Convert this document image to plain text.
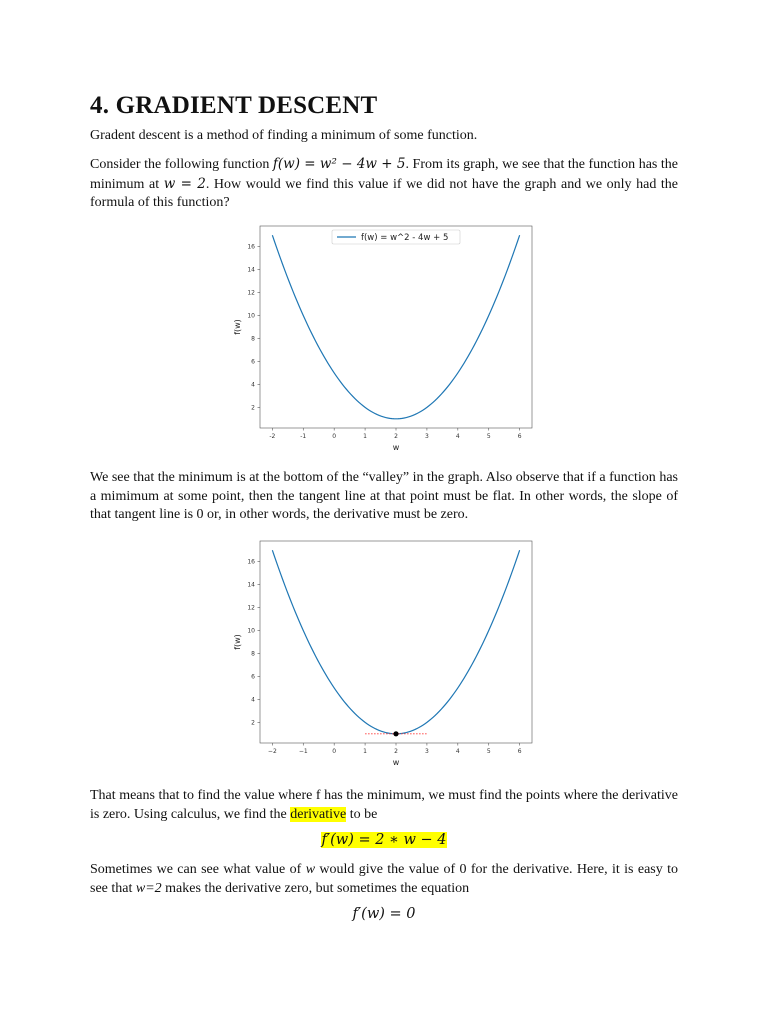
4. GRADIENT DESCENT

Gradent descent is a method of finding a minimum of some function.

Consider the following function f(w) = w² − 4w + 5. From its graph, we see that the function has the minimum at w = 2. How would we find this value if we did not have the graph and we only had the formula of this function?

-2	-1	0	1	2	3	4	5	6
2
4
6
8
10
12
14
16
w
f(w)
f(w) = w^2 - 4w + 5

We see that the minimum is at the bottom of the “valley” in the graph. Also observe that if a function has a mimimum at some point, then the tangent line at that point must be flat. In other words, the slope of that tangent line is 0 or, in other words, the derivative must be zero.

−2	−1	0	1	2	3	4	5	6
2
4
6
8
10
12
14
16
w
f(w)

That means that to find the value where f has the minimum, we must find the points where the derivative is zero. Using calculus, we find the derivative to be

f′(w) = 2 ∗ w − 4

Sometimes we can see what value of w would give the value of 0 for the derivative. Here, it is easy to see that w=2 makes the derivative zero, but sometimes the equation

f′(w) = 0
